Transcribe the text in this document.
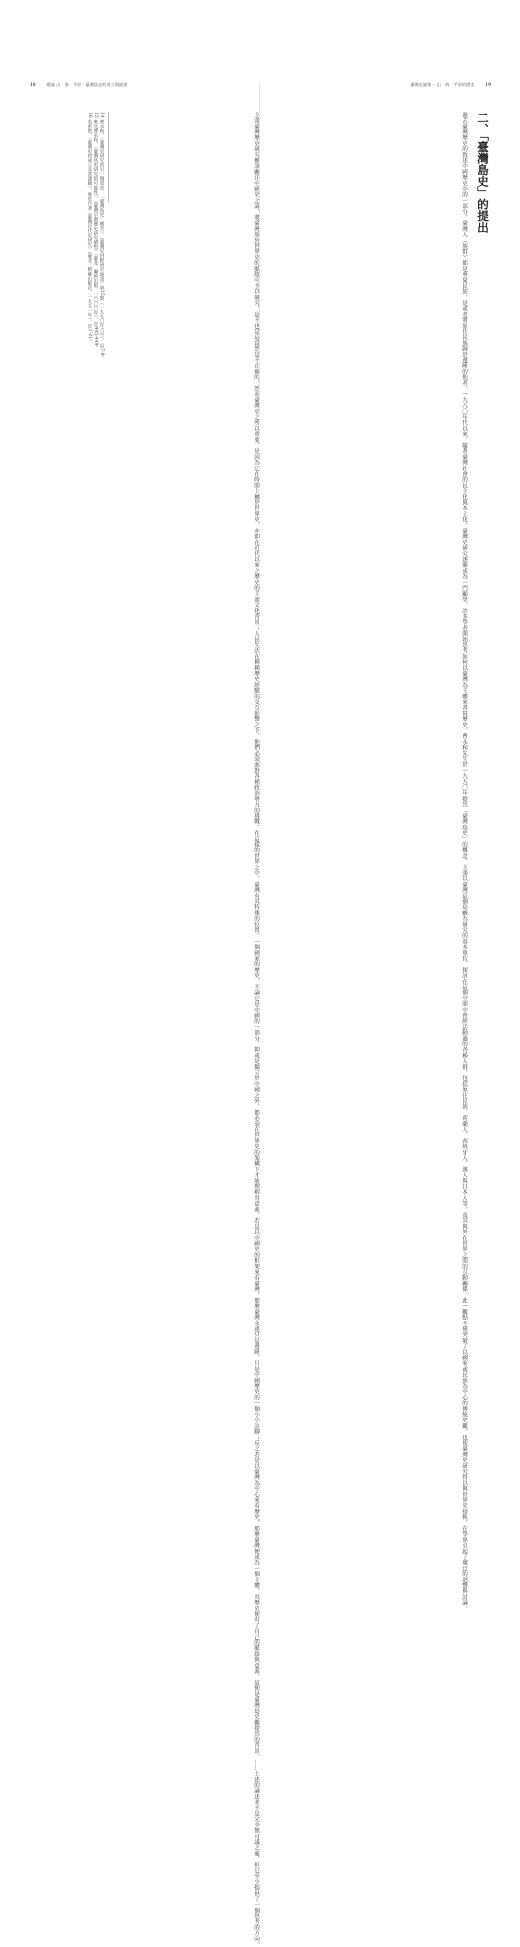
18	總論 山‧海‧平原：臺灣島史的成立與展望
主張臺灣歷史研究應該關注中國史之論，將臺灣放到世界史的脈絡中予以研究，這不也是這當然是不正確的。然而臺灣史之所以重要，是因為它在時間上屬於世界史，亦即在近代以來之歷史的主流文化背景；人民生活在種種歷史經驗的交互影響之下，他們必須面對各種政治勢力的挑戰，在這樣的世界之中，臺灣有其特殊的位置。一個國家的歷史，不論它是中國的一部分，抑或是獨立於中國之外，都必須在世界史的架構下才能理解其意義。若是以中國史的框架來看臺灣，那麼臺灣永遠只是邊陲，只是中國歷史的一個小小註腳；反之若是以臺灣為中心來看歷史，那麼臺灣便成為一個主體，其歷史便有了自己的脈絡與意義。這便是臺灣島史觀提出的背景。……上述的論述並不是完全無可議之處，但它至少提供了一個思考的方向。
14 曹永和，〈臺灣史研究的另一個途徑：「臺灣島史」概念〉，《臺灣史田野研究通訊》第15期（一九九〇年六月），頁7-9。
15 參見曹永和，〈臺灣島史研究的可能性〉，《臺灣早期歷史研究續集》（臺北：聯經出版，二〇〇〇年），頁445-449。
16 吳密察，〈臺灣史的成立及其課題〉，收於氏著《臺灣近代史研究》（臺北：稻鄉出版社，一九九一年），頁1-21。
臺灣史論集一 山‧海‧平原的歷史	19
二、「臺灣島史」的提出
過去臺灣歷史的敘述中國歷史中的一部分，臺灣人（族群）都是華夏民族，是或者將原住民族歸於邊陲的他者。一九八〇年代以來，隨著臺灣社會的民主化與本土化，臺灣史研究逐漸成為一門顯學，許多學者開始思考如何以臺灣為主體來書寫歷史。曹永和先生於一九九〇年提出「臺灣島史」的概念，主張以臺灣這個島嶼為研究的基本單位，探討在這個空間中曾經活動過的各種人群，包括原住民族、荷蘭人、西班牙人、漢人與日本人等，及其與外在世界之間的互動關係。此一觀點不僅突破了以國家或民族為中心的傳統史觀，也使臺灣史研究得以與世界史接軌，在學界引起了廣泛的迴響與討論。
